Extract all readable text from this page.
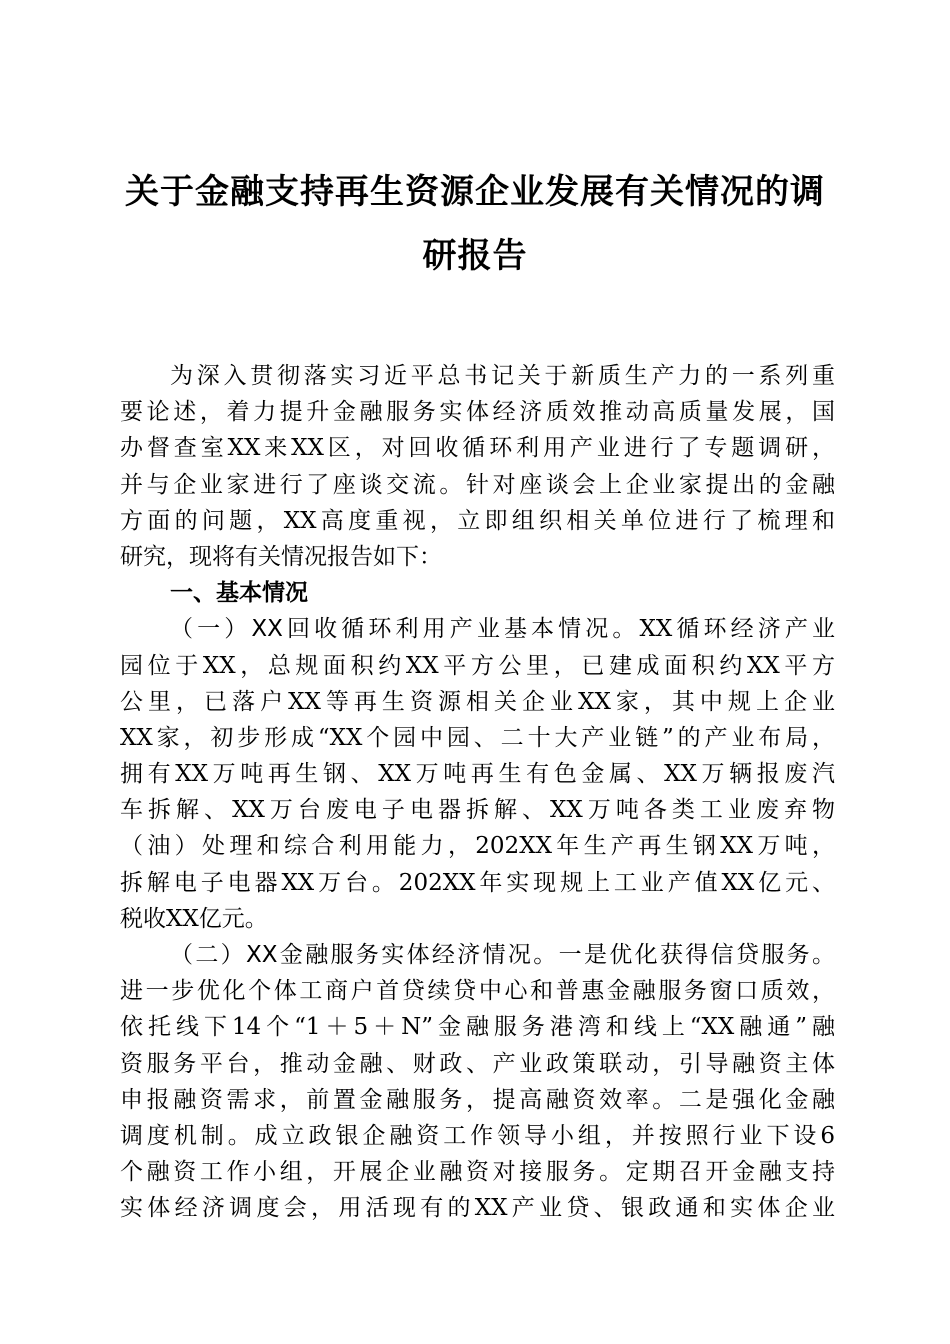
关于金融支持再生资源企业发展有关情况的调
研报告
为深入贯彻落实习近平总书记关于新质生产力的一系列重
要论述，着力提升金融服务实体经济质效推动高质量发展，国
办督查室XX来XX区，对回收循环利用产业进行了专题调研，
并与企业家进行了座谈交流。针对座谈会上企业家提出的金融
方面的问题，XX高度重视，立即组织相关单位进行了梳理和
研究，现将有关情况报告如下：
一、基本情况
（一）XX回收循环利用产业基本情况。XX循环经济产业
园位于XX，总规面积约XX平方公里，已建成面积约XX平方
公里，已落户XX等再生资源相关企业XX家，其中规上企业
XX家，初步形成“XX个园中园、二十大产业链”的产业布局，
拥有XX万吨再生钢、XX万吨再生有色金属、XX万辆报废汽
车拆解、XX万台废电子电器拆解、XX万吨各类工业废弃物
（油）处理和综合利用能力，202XX年生产再生钢XX万吨，
拆解电子电器XX万台。202XX年实现规上工业产值XX亿元、
税收XX亿元。
（二）XX金融服务实体经济情况。一是优化获得信贷服务。
进一步优化个体工商户首贷续贷中心和普惠金融服务窗口质效，
依托线下14个“1＋5＋N”金融服务港湾和线上“XX融通”融
资服务平台，推动金融、财政、产业政策联动，引导融资主体
申报融资需求，前置金融服务，提高融资效率。二是强化金融
调度机制。成立政银企融资工作领导小组，并按照行业下设6
个融资工作小组，开展企业融资对接服务。定期召开金融支持
实体经济调度会，用活现有的XX产业贷、银政通和实体企业
